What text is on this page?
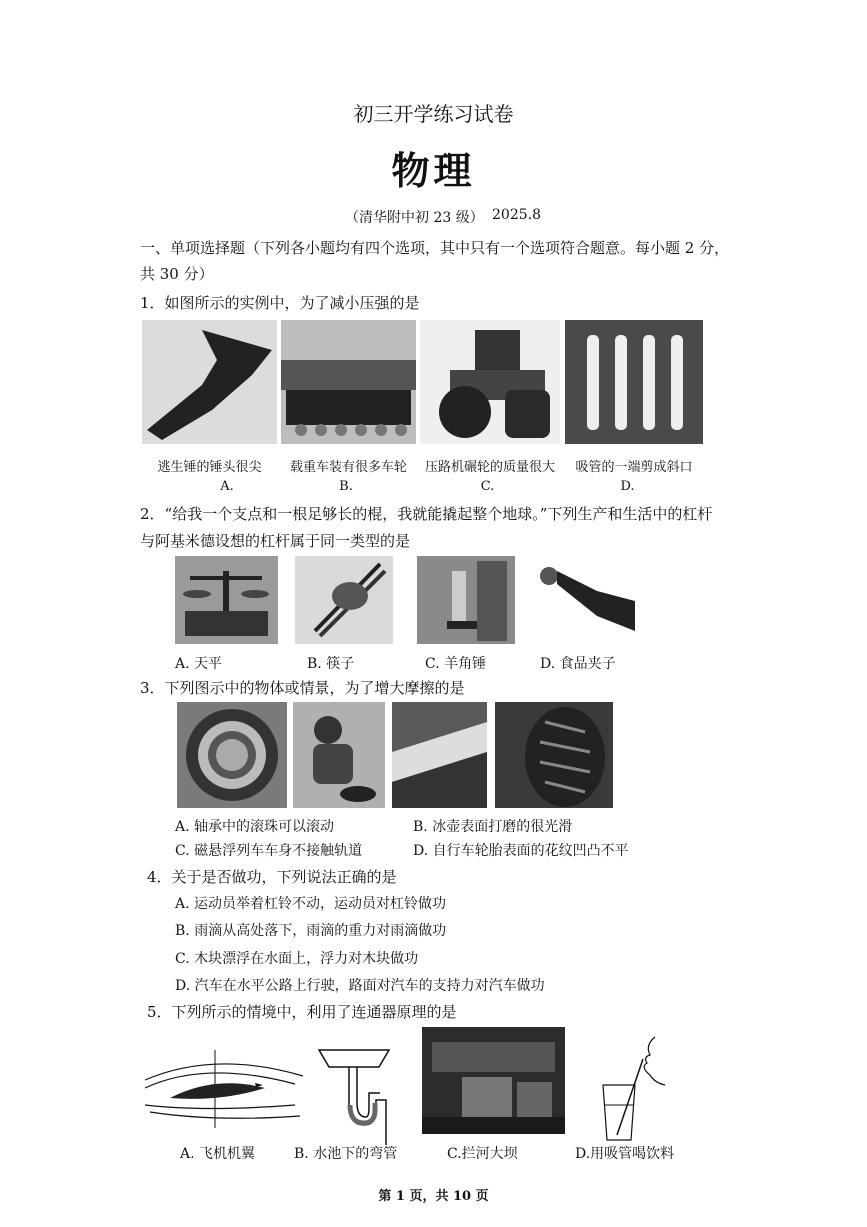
初三开学练习试卷
物理
（清华附中初 23 级） 2025.8
一、单项选择题（下列各小题均有四个选项，其中只有一个选项符合题意。每小题 2 分，
共 30 分）
1．如图所示的实例中，为了减小压强的是
逃生锤的锤头很尖	载重车装有很多车轮	压路机碾轮的质量很大	吸管的一端剪成斜口
A.	B.	C.	D.
2．“给我一个支点和一根足够长的棍，我就能撬起整个地球。”下列生产和生活中的杠杆
与阿基米德设想的杠杆属于同一类型的是
A. 天平	B. 筷子	C. 羊角锤	D. 食品夹子
3．下列图示中的物体或情景，为了增大摩擦的是
A. 轴承中的滚珠可以滚动	B. 冰壶表面打磨的很光滑
C. 磁悬浮列车车身不接触轨道	D. 自行车轮胎表面的花纹凹凸不平
4．关于是否做功，下列说法正确的是
A. 运动员举着杠铃不动，运动员对杠铃做功
B. 雨滴从高处落下，雨滴的重力对雨滴做功
C. 木块漂浮在水面上，浮力对木块做功
D. 汽车在水平公路上行驶，路面对汽车的支持力对汽车做功
5．下列所示的情境中，利用了连通器原理的是
A. 飞机机翼	B. 水池下的弯管	C.拦河大坝	D.用吸管喝饮料
第 1 页，共 10 页
